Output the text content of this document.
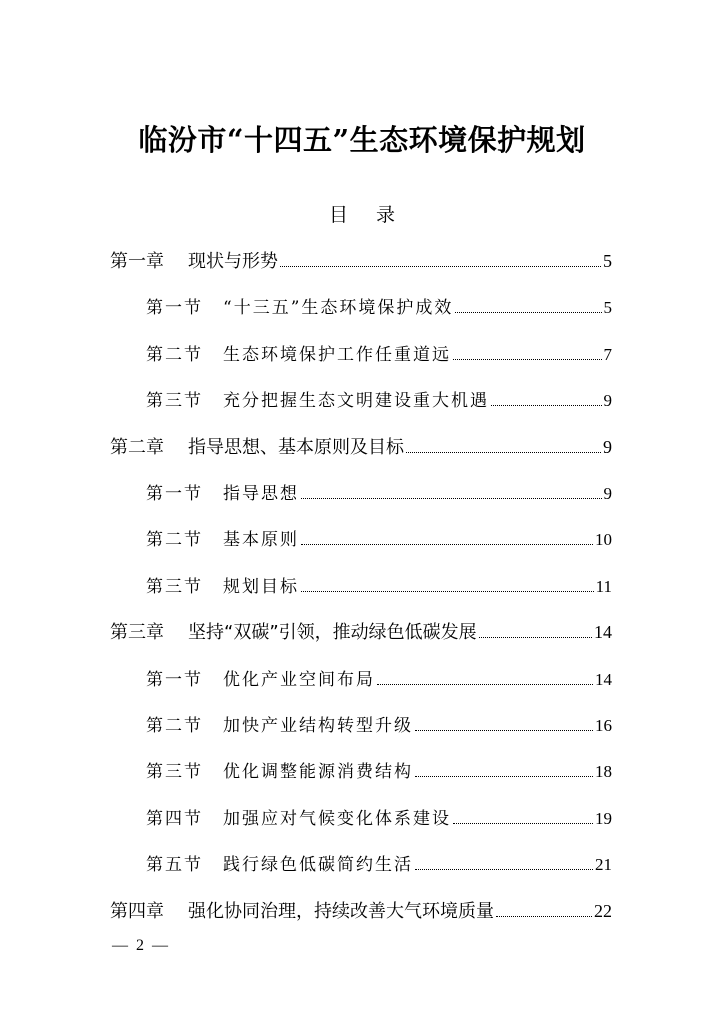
临汾市“十四五”生态环境保护规划
目 录
第一章	现状与形势	5
第一节	“十三五”生态环境保护成效	5
第二节	生态环境保护工作任重道远	7
第三节	充分把握生态文明建设重大机遇	9
第二章	指导思想、基本原则及目标	9
第一节	指导思想	9
第二节	基本原则	10
第三节	规划目标	11
第三章	坚持“双碳”引领，推动绿色低碳发展	14
第一节	优化产业空间布局	14
第二节	加快产业结构转型升级	16
第三节	优化调整能源消费结构	18
第四节	加强应对气候变化体系建设	19
第五节	践行绿色低碳简约生活	21
第四章	强化协同治理，持续改善大气环境质量	22
— 2 —
